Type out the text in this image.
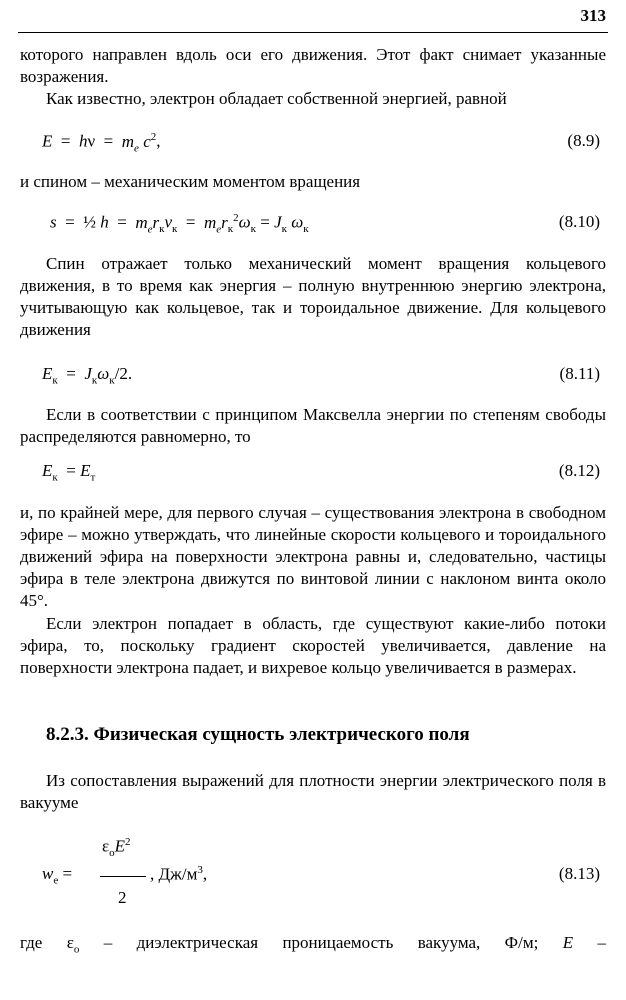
313

которого направлен вдоль оси его движения. Этот факт снимает указанные возражения.

Как известно, электрон обладает собственной энергией, равной

$E = h\nu = m_e$ $c^2$,	(8.9)

и спином – механическим моментом вращения

s  =  ½ $h = m_er_кv_к = m_er_к^2\omega_к = J_к$ $\omega_к$	(8.10)

Спин отражает только механический момент вращения кольцевого движения, в то время как энергия – полную внутреннюю энергию электрона, учитывающую как кольцевое, так и тороидальное движение. Для кольцевого движения

$E_к = J_к\omega_к/2$.	(8.11)

Если в соответствии с принципом Максвелла энергии по степеням свободы распределяются равномерно, то

$E_к = E_т$	(8.12)

и, по крайней мере, для первого случая – существования электрона в свободном эфире – можно утверждать, что линейные скорости кольцевого и тороидального движений эфира на поверхности электрона равны и, следовательно, частицы эфира в теле электрона движутся по винтовой линии с наклоном винта около 45°.

Если электрон попадает в область, где существуют какие-либо потоки эфира, то, поскольку градиент скоростей увеличивается, давление на поверхности электрона падает, и вихревое кольцо увеличивается в размерах.

8.2.3. Физическая сущность электрического поля

Из сопоставления выражений для плотности энергии электрического поля в вакууме

$\varepsilon_oE^2$
$w_e$ =	, $Дж/м^3$,
2
(8.13)
где $\varepsilon_o$ – диэлектрическая проницаемость вакуума, Ф/м; E –
